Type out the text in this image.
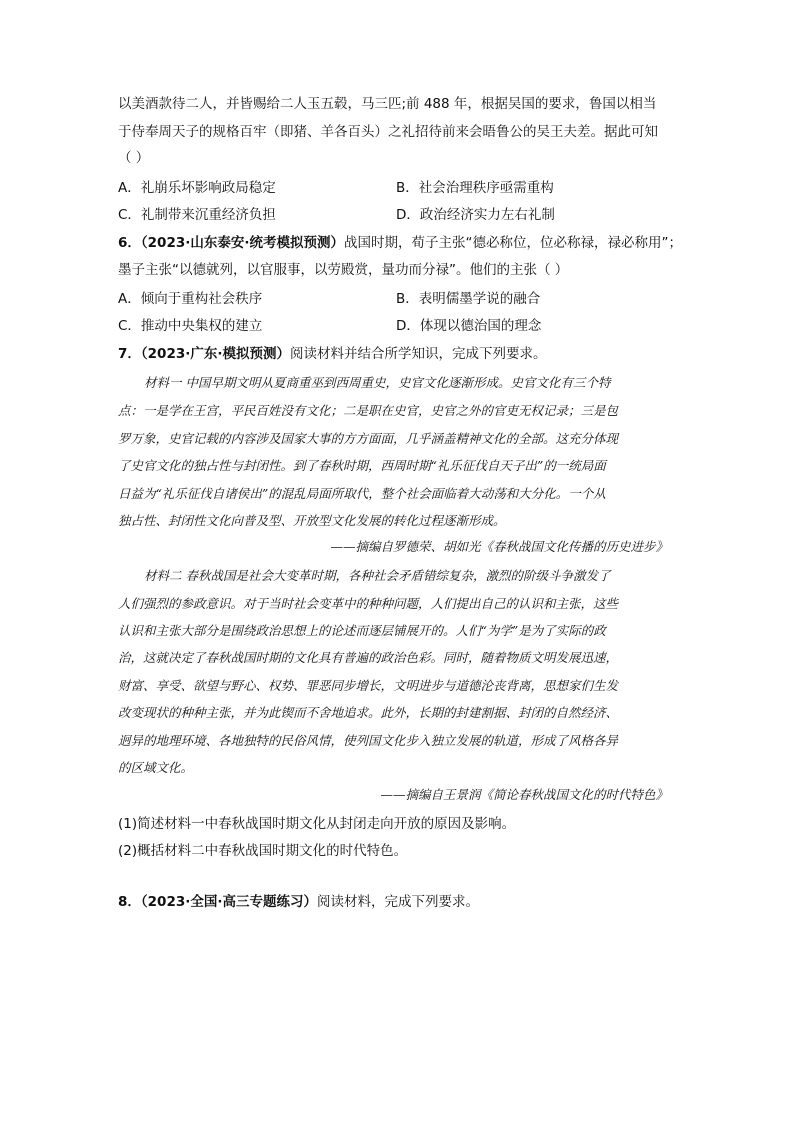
以美酒款待二人，并皆赐给二人玉五毂，马三匹;前 488 年，根据吴国的要求，鲁国以相当
于侍奉周天子的规格百牢（即猪、羊各百头）之礼招待前来会晤鲁公的吴王夫差。据此可知
（ ）
A．礼崩乐坏影响政局稳定	B．社会治理秩序亟需重构
C．礼制带来沉重经济负担	D．政治经济实力左右礼制
6．（2023·山东泰安·统考模拟预测）战国时期，荀子主张“德必称位，位必称禄，禄必称用”；
墨子主张“以德就列，以官服事，以劳殿赏，量功而分禄”。他们的主张（ ）
A．倾向于重构社会秩序	B．表明儒墨学说的融合
C．推动中央集权的建立	D．体现以德治国的理念
7．（2023·广东·模拟预测）阅读材料并结合所学知识，完成下列要求。
材料一 中国早期文明从夏商重巫到西周重史，史官文化逐渐形成。史官文化有三个特
点：一是学在王宫，平民百姓没有文化；二是职在史官，史官之外的官吏无权记录；三是包
罗万象，史官记载的内容涉及国家大事的方方面面，几乎涵盖精神文化的全部。这充分体现
了史官文化的独占性与封闭性。到了春秋时期，西周时期“礼乐征伐自天子出”的一统局面
日益为“礼乐征伐自诸侯出”的混乱局面所取代，整个社会面临着大动荡和大分化。一个从
独占性、封闭性文化向普及型、开放型文化发展的转化过程逐渐形成。
——摘编自罗德荣、胡如光《春秋战国文化传播的历史进步》
材料二 春秋战国是社会大变革时期，各种社会矛盾错综复杂，激烈的阶级斗争激发了
人们强烈的参政意识。对于当时社会变革中的种种问题，人们提出自己的认识和主张，这些
认识和主张大部分是围绕政治思想上的论述而逐层铺展开的。人们“为学”是为了实际的政
治，这就决定了春秋战国时期的文化具有普遍的政治色彩。同时，随着物质文明发展迅速，
财富、享受、欲望与野心、权势、罪恶同步增长，文明进步与道德沦丧背离，思想家们生发
改变现状的种种主张，并为此锲而不舍地追求。此外，长期的封建割据、封闭的自然经济、
迥异的地理环境、各地独特的民俗风情，使列国文化步入独立发展的轨道，形成了风格各异
的区域文化。
——摘编自王景润《简论春秋战国文化的时代特色》
(1)简述材料一中春秋战国时期文化从封闭走向开放的原因及影响。
(2)概括材料二中春秋战国时期文化的时代特色。
8．（2023·全国·高三专题练习）阅读材料，完成下列要求。
